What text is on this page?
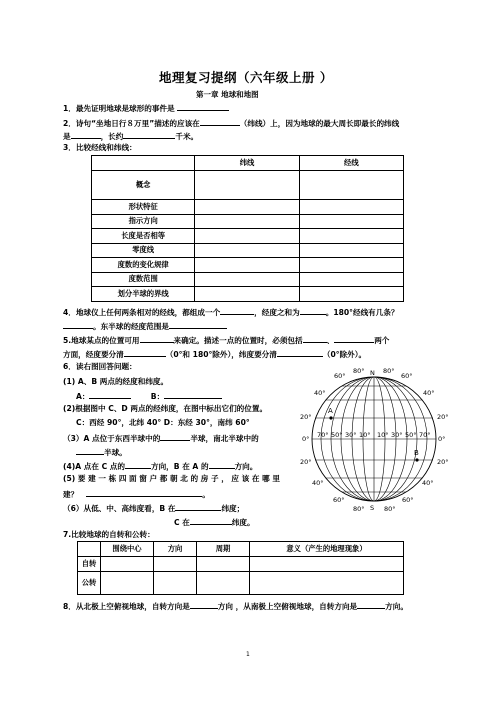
地理复习提纲（六年级上册 ）
第一章 地球和地图
1．最先证明地球是球形的事件是
2．诗句“坐地日行８万里”描述的应该在	（纬线）上，因为地球的最大周长即最长的纬线
是	，长约	千米。
3．比较经线和纬线：
	纬线	经线
概念		
形状特征		
指示方向		
长度是否相等		
零度线		
度数的变化规律		
度数范围		
划分半球的界线		
4．地球仪上任何两条相对的经线，都组成一个	，经度之和为	。180°经线有几条？
。东半球的经度范围是
5.地球某点的位置可用	来确定。描述一点的位置时，必须包括	、	两个
方面，经度要分清	（0°和 180°除外），纬度要分清	（0°除外）。
6．读右图回答问题：
(1) A、B 两点的经度和纬度。
A：	B：
(2)根据图中 C、D 两点的经纬度，在图中标出它们的位置。
C：西经 90°，北纬 40° D：东经 30°，南纬 60°
（3）A 点位于东西半球中的	半球，南北半球中的
半球。
(4)A 点在 C 点的	方向，B 在 A 的	方向。
(5) 要 建 一 栋 四 面 窗 户 都 朝 北 的 房 子 ， 应 该 在 哪 里
建？	。
（6）从低、中、高纬度看，B 在	纬度；
C 在	纬度。
N
S
80°	80°
80°	80°
60°	60°
40°	40°
20°	20°
0°	0°
20°	20°
40°	40°
60°	60°
70° 50° 30° 10° 10° 30° 50° 70°
A
B
7.比较地球的自转和公转：
	围绕中心	方向	周期	意义（产生的地理现象）
自转				
公转				
8．从北极上空俯视地球，自转方向是	方向 ，从南极上空俯视地球，自转方向是	方向。
1
